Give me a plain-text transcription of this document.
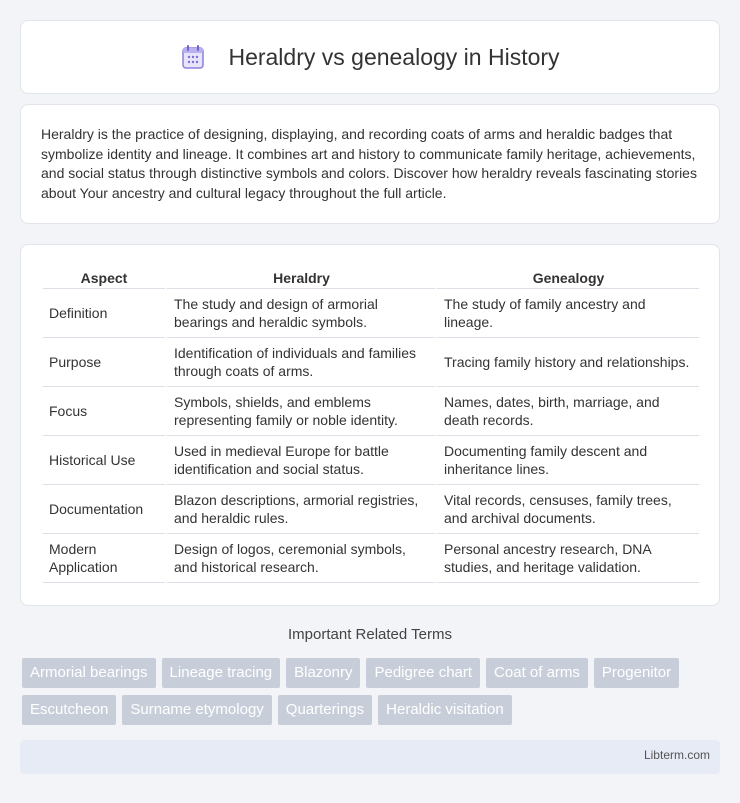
Heraldry vs genealogy in History

Heraldry is the practice of designing, displaying, and recording coats of arms and heraldic badges that symbolize identity and lineage. It combines art and history to communicate family heritage, achievements, and social status through distinctive symbols and colors. Discover how heraldry reveals fascinating stories about Your ancestry and cultural legacy throughout the full article.

Aspect	Heraldry	Genealogy
Definition	The study and design of armorial bearings and heraldic symbols.	The study of family ancestry and lineage.
Purpose	Identification of individuals and families through coats of arms.	Tracing family history and relationships.
Focus	Symbols, shields, and emblems representing family or noble identity.	Names, dates, birth, marriage, and death records.
Historical Use	Used in medieval Europe for battle identification and social status.	Documenting family descent and inheritance lines.
Documentation	Blazon descriptions, armorial registries, and heraldic rules.	Vital records, censuses, family trees, and archival documents.
Modern Application	Design of logos, ceremonial symbols, and historical research.	Personal ancestry research, DNA studies, and heritage validation.
Important Related Terms
Armorial bearings	Lineage tracing	Blazonry	Pedigree chart	Coat of arms	Progenitor
Escutcheon	Surname etymology	Quarterings	Heraldic visitation
Libterm.com
